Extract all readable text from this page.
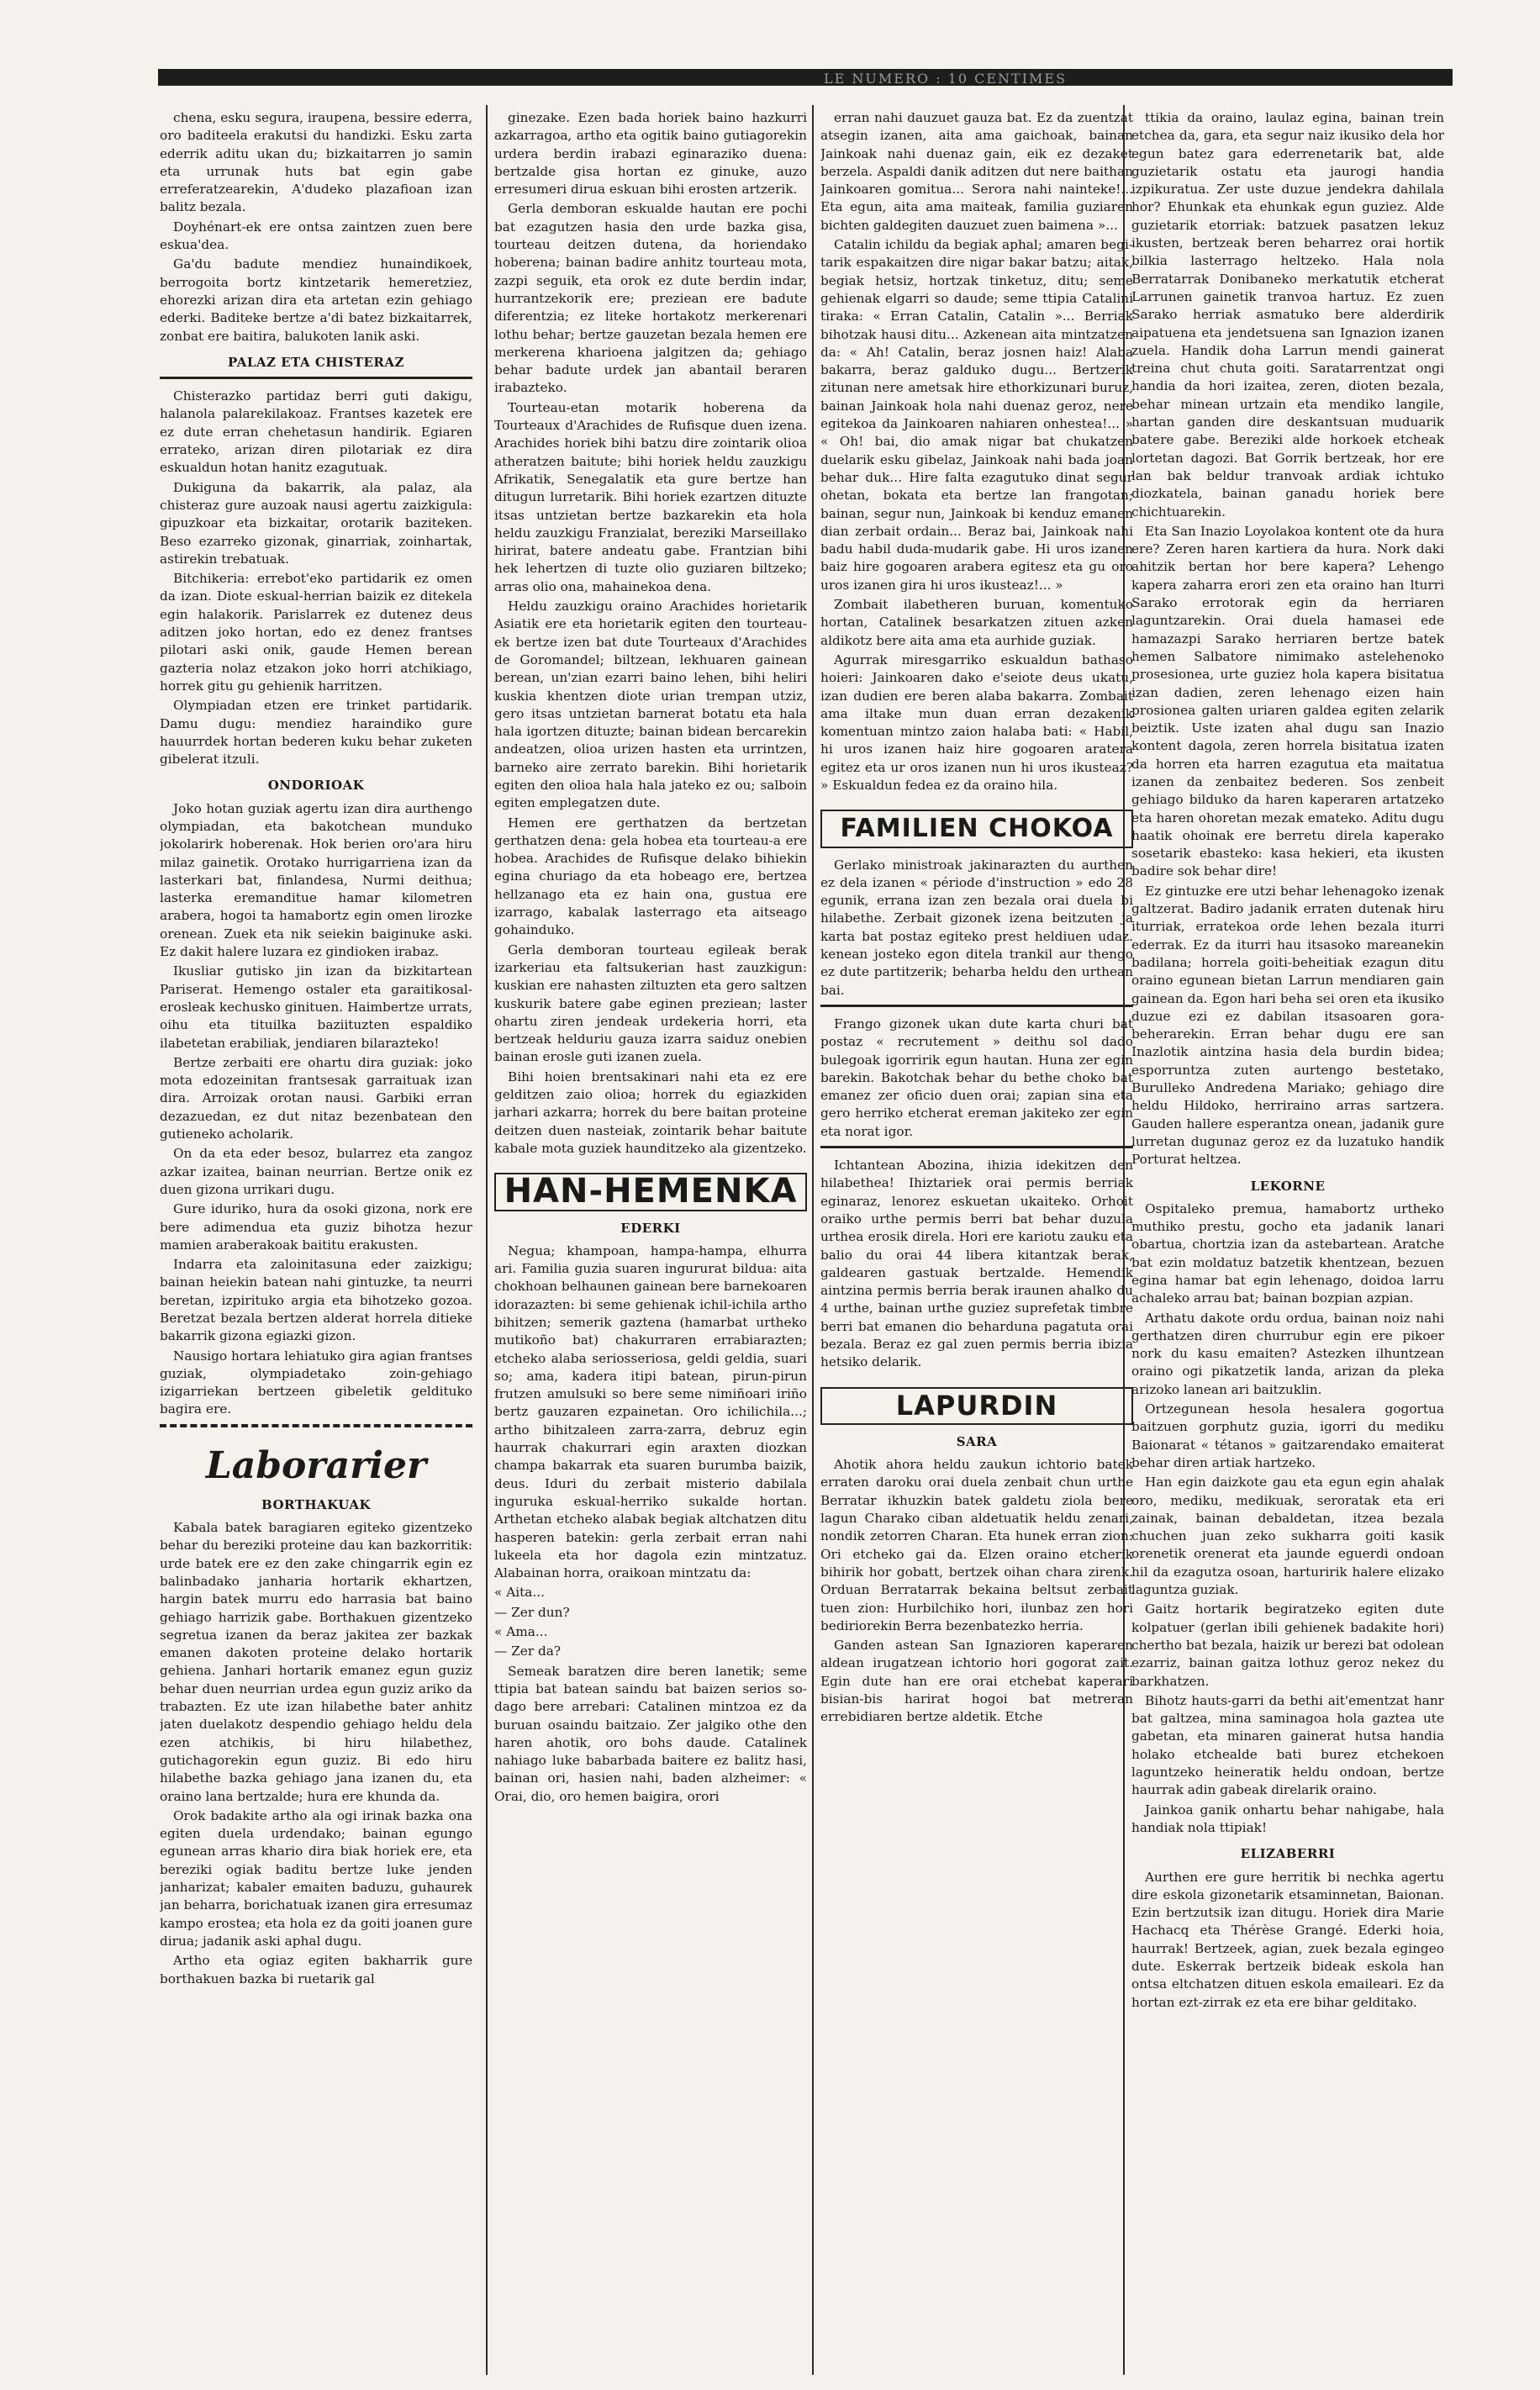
LE NUMERO : 10 CENTIMES

chena, esku segura, iraupena, bessire ederra, oro baditeela erakutsi du handizki. Esku zarta ederrik aditu ukan du; bizkaitarren jo samin eta urrunak huts bat egin gabe erreferatzearekin, A'dudeko plazafioan izan balitz bezala.

Doyhénart-ek ere ontsa zaintzen zuen bere eskua'dea.

Ga'du badute mendiez hunaindikoek, berrogoita bortz kintzetarik hemeretziez, ehorezki arizan dira eta artetan ezin gehiago ederki. Baditeke bertze a'di batez bizkaitarrek, zonbat ere baitira, balukoten lanik aski.

PALAZ ETA CHISTERAZ

Chisterazko partidaz berri guti dakigu, halanola palarekilakoaz. Frantses kazetek ere ez dute erran chehetasun handirik. Egiaren errateko, arizan diren pilotariak ez dira eskualdun hotan hanitz ezagutuak.

Dukiguna da bakarrik, ala palaz, ala chisteraz gure auzoak nausi agertu zaizkigula: gipuzkoar eta bizkaitar, orotarik baziteken. Beso ezarreko gizonak, ginarriak, zoinhartak, astirekin trebatuak.

Bitchikeria: errebot'eko partidarik ez omen da izan. Diote eskual-herrian baizik ez ditekela egin halakorik. Parislarrek ez dutenez deus aditzen joko hortan, edo ez denez frantses pilotari aski onik, gaude Hemen berean gazteria nolaz etzakon joko horri atchikiago, horrek gitu gu gehienik harritzen.

Olympiadan etzen ere trinket partidarik. Damu dugu: mendiez haraindiko gure hauurrdek hortan bederen kuku behar zuketen gibelerat itzuli.

ONDORIOAK

Joko hotan guziak agertu izan dira aurthengo olympiadan, eta bakotchean munduko jokolarirk hoberenak. Hok berien oro'ara hiru milaz gainetik. Orotako hurrigarriena izan da lasterkari bat, finlandesa, Nurmi deithua; lasterka eremanditue hamar kilometren arabera, hogoi ta hamabortz egin omen lirozke orenean. Zuek eta nik seiekin baiginuke aski. Ez dakit halere luzara ez gindioken irabaz.

Ikusliar gutisko jin izan da bizkitartean Pariserat. Hemengo ostaler eta garaitikosal-erosleak kechusko ginituen. Haimbertze urrats, oihu eta tituilka baziituzten espaldiko ilabetetan erabiliak, jendiaren bilarazteko!

Bertze zerbaiti ere ohartu dira guziak: joko mota edozeinitan frantsesak garraituak izan dira. Arroizak orotan nausi. Garbiki erran dezazuedan, ez dut nitaz bezenbatean den gutieneko acholarik.

On da eta eder besoz, bularrez eta zangoz azkar izaitea, bainan neurrian. Bertze onik ez duen gizona urrikari dugu.

Gure iduriko, hura da osoki gizona, nork ere bere adimendua eta guziz bihotza hezur mamien araberakoak baititu erakusten.

Indarra eta zaloinitasuna eder zaizkigu; bainan heiekin batean nahi gintuzke, ta neurri beretan, izpirituko argia eta bihotzeko gozoa. Beretzat bezala bertzen alderat horrela ditieke bakarrik gizona egiazki gizon.

Nausigo hortara lehiatuko gira agian frantses guziak, olympiadetako zoin-gehiago izigarriekan bertzeen gibeletik geldituko bagira ere.

Laborarier
BORTHAKUAK

Kabala batek baragiaren egiteko gizentzeko behar du bereziki proteine dau kan bazkorritik: urde batek ere ez den zake chingarrik egin ez balinbadako janharia hortarik ekhartzen, hargin batek murru edo harrasia bat baino gehiago harrizik gabe. Borthakuen gizentzeko segretua izanen da beraz jakitea zer bazkak emanen dakoten proteine delako hortarik gehiena. Janhari hortarik emanez egun guziz behar duen neurrian urdea egun guziz ariko da trabazten. Ez ute izan hilabethe bater anhitz jaten duelakotz despendio gehiago heldu dela ezen atchikis, bi hiru hilabethez, gutichagorekin egun guziz. Bi edo hiru hilabethe bazka gehiago jana izanen du, eta oraino lana bertzalde; hura ere khunda da.

Orok badakite artho ala ogi irinak bazka ona egiten duela urdendako; bainan egungo egunean arras khario dira biak horiek ere, eta bereziki ogiak baditu bertze luke jenden janharizat; kabaler emaiten baduzu, guhaurek jan beharra, borichatuak izanen gira erresumaz kampo erostea; eta hola ez da goiti joanen gure dirua; jadanik aski aphal dugu.

Artho eta ogiaz egiten bakharrik gure borthakuen bazka bi ruetarik gal

ginezake. Ezen bada horiek baino hazkurri azkarragoa, artho eta ogitik baino gutiagorekin urdera berdin irabazi eginaraziko duena: bertzalde gisa hortan ez ginuke, auzo erresumeri dirua eskuan bihi erosten artzerik.

Gerla demboran eskualde hautan ere pochi bat ezagutzen hasia den urde bazka gisa, tourteau deitzen dutena, da horiendako hoberena; bainan badire anhitz tourteau mota, zazpi seguik, eta orok ez dute berdin indar, hurrantzekorik ere; preziean ere badute diferentzia; ez liteke hortakotz merkerenari lothu behar; bertze gauzetan bezala hemen ere merkerena kharioena jalgitzen da; gehiago behar badute urdek jan abantail beraren irabazteko.

Tourteau-etan motarik hoberena da Tourteaux d'Arachides de Rufisque duen izena. Arachides horiek bihi batzu dire zointarik olioa atheratzen baitute; bihi horiek heldu zauzkigu Afrikatik, Senegalatik eta gure bertze han ditugun lurretarik. Bihi horiek ezartzen dituzte itsas untzietan bertze bazkarekin eta hola heldu zauzkigu Franzialat, bereziki Marseillako hirirat, batere andeatu gabe. Frantzian bihi hek lehertzen di tuzte olio guziaren biltzeko; arras olio ona, mahainekoa dena.

Heldu zauzkigu oraino Arachides horietarik Asiatik ere eta horietarik egiten den tourteau-ek bertze izen bat dute Tourteaux d'Arachides de Goromandel; biltzean, lekhuaren gainean berean, un'zian ezarri baino lehen, bihi heliri kuskia khentzen diote urian trempan utziz, gero itsas untzietan barnerat botatu eta hala hala igortzen dituzte; bainan bidean bercarekin andeatzen, olioa urizen hasten eta urrintzen, barneko aire zerrato barekin. Bihi horietarik egiten den olioa hala hala jateko ez ou; salboin egiten emplegatzen dute.

Hemen ere gerthatzen da bertzetan gerthatzen dena: gela hobea eta tourteau-a ere hobea. Arachides de Rufisque delako bihiekin egina churiago da eta hobeago ere, bertzea hellzanago eta ez hain ona, gustua ere izarrago, kabalak lasterrago eta aitseago gohainduko.

Gerla demboran tourteau egileak berak izarkeriau eta faltsukerian hast zauzkigun: kuskian ere nahasten ziltuzten eta gero saltzen kuskurik batere gabe eginen preziean; laster ohartu ziren jendeak urdekeria horri, eta bertzeak helduriu gauza izarra saiduz onebien bainan erosle guti izanen zuela.

Bihi hoien brentsakinari nahi eta ez ere gelditzen zaio olioa; horrek du egiazkiden jarhari azkarra; horrek du bere baitan proteine deitzen duen nasteiak, zointarik behar baitute kabale mota guziek haunditzeko ala gizentzeko.

HAN-HEMENKA
EDERKI

Negua; khampoan, hampa-hampa, elhurra ari. Familia guzia suaren ingururat bildua: aita chokhoan belhaunen gainean bere barnekoaren idorazazten: bi seme gehienak ichil-ichila artho bihitzen; semerik gaztena (hamarbat urtheko mutikoño bat) chakurraren errabiarazten; etcheko alaba seriosseriosa, geldi geldia, suari so; ama, kadera itipi batean, pirun-pirun frutzen amulsuki so bere seme nimiñoari iriño bertz gauzaren ezpainetan. Oro ichilichila...; artho bihitzaleen zarra-zarra, debruz egin haurrak chakurrari egin araxten diozkan champa bakarrak eta suaren burumba baizik, deus. Iduri du zerbait misterio dabilala inguruka eskual-herriko sukalde hortan. Arthetan etcheko alabak begiak altchatzen ditu hasperen batekin: gerla zerbait erran nahi lukeela eta hor dagola ezin mintzatuz. Alabainan horra, oraikoan mintzatu da:

« Aita...

— Zer dun?

« Ama...

— Zer da?

Semeak baratzen dire beren lanetik; seme ttipia bat batean saindu bat baizen serios so-dago bere arrebari: Catalinen mintzoa ez da buruan osaindu baitzaio. Zer jalgiko othe den haren ahotik, oro bohs daude. Catalinek nahiago luke babarbada baitere ez balitz hasi, bainan ori, hasien nahi, baden alzheimer: « Orai, dio, oro hemen baigira, orori

erran nahi dauzuet gauza bat. Ez da zuentzat atsegin izanen, aita ama gaichoak, bainan Jainkoak nahi duenaz gain, eik ez dezaket berzela. Aspaldi danik aditzen dut nere baithan Jainkoaren gomitua... Serora nahi nainteke!... Eta egun, aita ama maiteak, familia guziaren bichten galdegiten dauzuet zuen baimena »...

Catalin ichildu da begiak aphal; amaren begi-tarik espakaitzen dire nigar bakar batzu; aitak, begiak hetsiz, hortzak tinketuz, ditu; seme gehienak elgarri so daude; seme ttipia Catalini tiraka: « Erran Catalin, Catalin »... Berriak bihotzak hausi ditu... Azkenean aita mintzatzen da: « Ah! Catalin, beraz josnen haiz! Alaba bakarra, beraz galduko dugu... Bertzerik zitunan nere ametsak hire ethorkizunari buruz, bainan Jainkoak hola nahi duenaz geroz, nere egitekoa da Jainkoaren nahiaren onhestea!... » « Oh! bai, dio amak nigar bat chukatzen duelarik esku gibelaz, Jainkoak nahi bada joan behar duk... Hire falta ezagutuko dinat segur ohetan, bokata eta bertze lan frangotan; bainan, segur nun, Jainkoak bi kenduz emanen dian zerbait ordain... Beraz bai, Jainkoak nahi badu habil duda-mudarik gabe. Hi uros izanen baiz hire gogoaren arabera egitesz eta gu oro uros izanen gira hi uros ikusteaz!... »

Zombait ilabetheren buruan, komentuko hortan, Catalinek besarkatzen zituen azken aldikotz bere aita ama eta aurhide guziak.

Agurrak miresgarriko eskualdun bathaso hoieri: Jainkoaren dako e'seiote deus ukatu, izan dudien ere beren alaba bakarra. Zombait ama iltake mun duan erran dezakenik komentuan mintzo zaion halaba bati: « Habil, hi uros izanen haiz hire gogoaren aratera egitez eta ur oros izanen nun hi uros ikusteaz? » Eskualdun fedea ez da oraino hila.

FAMILIEN CHOKOA

Gerlako ministroak jakinarazten du aurthen ez dela izanen « période d'instruction » edo 28 egunik, errana izan zen bezala orai duela bi hilabethe. Zerbait gizonek izena beitzuten ja karta bat postaz egiteko prest heldiuen udaz. kenean josteko egon ditela trankil aur thengo ez dute partitzerik; beharba heldu den urthean bai.

Frango gizonek ukan dute karta churi bat postaz « recrutement » deithu sol dado bulegoak igorririk egun hautan. Huna zer egin barekin. Bakotchak behar du bethe choko bat emanez zer oficio duen orai; zapian sina eta gero herriko etcherat ereman jakiteko zer egin eta norat igor.

Ichtantean Abozina, ihizia idekitzen den hilabethea! Ihiztariek orai permis berriak eginaraz, lenorez eskuetan ukaiteko. Orhoit oraiko urthe permis berri bat behar duzula urthea erosik direla. Hori ere kariotu zauku eta balio du orai 44 libera kitantzak berak, galdearen gastuak bertzalde. Hemendik aintzina permis berria berak iraunen ahalko du 4 urthe, bainan urthe guziez suprefetak timbre berri bat emanen dio beharduna pagatuta orai bezala. Beraz ez gal zuen permis berria ibizia hetsiko delarik.

LAPURDIN
SARA

Ahotik ahora heldu zaukun ichtorio batek erraten daroku orai duela zenbait chun urthe Berratar ikhuzkin batek galdetu ziola bere lagun Charako ciban aldetuatik heldu zenari, nondik zetorren Charan. Eta hunek erran zion: Ori etcheko gai da. Elzen oraino etcherik bihirik hor gobatt, bertzek oihan chara zirenk. Orduan Berratarrak bekaina beltsut zerbait tuen zion: Hurbilchiko hori, ilunbaz zen hori bediriorekin Berra bezenbatezko herria.

Ganden astean San Ignazioren kaperaren aldean irugatzean ichtorio hori gogorat zait. Egin dute han ere orai etchebat kaperari bisian-bis harirat hogoi bat metreran errebidiaren bertze aldetik. Etche

ttikia da oraino, laulaz egina, bainan trein etchea da, gara, eta segur naiz ikusiko dela hor egun batez gara ederrenetarik bat, alde guzietarik ostatu eta jaurogi handia izpikuratua. Zer uste duzue jendekra dahilala hor? Ehunkak eta ehunkak egun guziez. Alde guzietarik etorriak: batzuek pasatzen lekuz ikusten, bertzeak beren beharrez orai hortik bilkia lasterrago heltzeko. Hala nola Berratarrak Donibaneko merkatutik etcherat Larrunen gainetik tranvoa hartuz. Ez zuen Sarako herriak asmatuko bere alderdirik aipatuena eta jendetsuena san Ignazion izanen zuela. Handik doha Larrun mendi gainerat treina chut chuta goiti. Saratarrentzat ongi handia da hori izaitea, zeren, dioten bezala, behar minean urtzain eta mendiko langile, hartan ganden dire deskantsuan muduarik batere gabe. Bereziki alde horkoek etcheak lortetan dagozi. Bat Gorrik bertzeak, hor ere lan bak beldur tranvoak ardiak ichtuko diozkatela, bainan ganadu horiek bere chichtuarekin.

Eta San Inazio Loyolakoa kontent ote da hura ere? Zeren haren kartiera da hura. Nork daki ahitzik bertan hor bere kapera? Lehengo kapera zaharra erori zen eta oraino han lturri Sarako errotorak egin da herriaren laguntzarekin. Orai duela hamasei ede hamazazpi Sarako herriaren bertze batek hemen Salbatore nimimako astelehenoko prosesionea, urte guziez hola kapera bisitatua izan dadien, zeren lehenago eizen hain prosionea galten uriaren galdea egiten zelarik beiztik. Uste izaten ahal dugu san Inazio kontent dagola, zeren horrela bisitatua izaten da horren eta harren ezagutua eta maitatua izanen da zenbaitez bederen. Sos zenbeit gehiago bilduko da haren kaperaren artatzeko eta haren ohoretan mezak emateko. Aditu dugu haatik ohoinak ere berretu direla kaperako sosetarik ebasteko: kasa hekieri, eta ikusten badire sok behar dire!

Ez gintuzke ere utzi behar lehenagoko izenak galtzerat. Badiro jadanik erraten dutenak hiru iturriak, erratekoa orde lehen bezala iturri ederrak. Ez da iturri hau itsasoko mareanekin badilana; horrela goiti-beheitiak ezagun ditu oraino egunean bietan Larrun mendiaren gain gainean da. Egon hari beha sei oren eta ikusiko duzue ezi ez dabilan itsasoaren gora-beherarekin. Erran behar dugu ere san Inazlotik aintzina hasia dela burdin bidea; esporruntza zuten aurtengo bestetako, Burulleko Andredena Mariako; gehiago dire heldu Hildoko, herriraino arras sartzera. Gauden hallere esperantza onean, jadanik gure lurretan dugunaz geroz ez da luzatuko handik Porturat heltzea.

LEKORNE

Ospitaleko premua, hamabortz urtheko muthiko prestu, gocho eta jadanik lanari obartua, chortzia izan da astebartean. Aratche bat ezin moldatuz batzetik khentzean, bezuen egina hamar bat egin lehenago, doidoa larru achaleko arrau bat; bainan bozpian azpian.

Arthatu dakote ordu ordua, bainan noiz nahi gerthatzen diren churrubur egin ere pikoer nork du kasu emaiten? Astezken ilhuntzean oraino ogi pikatzetik landa, arizan da pleka arizoko lanean ari baitzuklin.

Ortzegunean hesola hesalera gogortua baitzuen gorphutz guzia, igorri du mediku Baionarat « tétanos » gaitzarendako emaiterat behar diren artiak hartzeko.

Han egin daizkote gau eta egun egin ahalak oro, mediku, medikuak, seroratak eta eri zainak, bainan debaldetan, itzea bezala chuchen juan zeko sukharra goiti kasik orenetik orenerat eta jaunde eguerdi ondoan hil da ezagutza osoan, harturirik halere elizako laguntza guziak.

Gaitz hortarik begiratzeko egiten dute kolpatuer (gerlan ibili gehienek badakite hori) chertho bat bezala, haizik ur berezi bat odolean ezarriz, bainan gaitza lothuz geroz nekez du barkhatzen.

Bihotz hauts-garri da bethi ait'ementzat hanr bat galtzea, mina saminagoa hola gaztea ute gabetan, eta minaren gainerat hutsa handia holako etchealde bati burez etchekoen laguntzeko heineratik heldu ondoan, bertze haurrak adin gabeak direlarik oraino.

Jainkoa ganik onhartu behar nahigabe, hala handiak nola ttipiak!

ELIZABERRI

Aurthen ere gure herritik bi nechka agertu dire eskola gizonetarik etsaminnetan, Baionan. Ezin bertzutsik izan ditugu. Horiek dira Marie Hachacq eta Thérèse Grangé. Ederki hoia, haurrak! Bertzeek, agian, zuek bezala egingeo dute. Eskerrak bertzeik bideak eskola han ontsa eltchatzen dituen eskola emaileari. Ez da hortan ezt-zirrak ez eta ere bihar gelditako.
